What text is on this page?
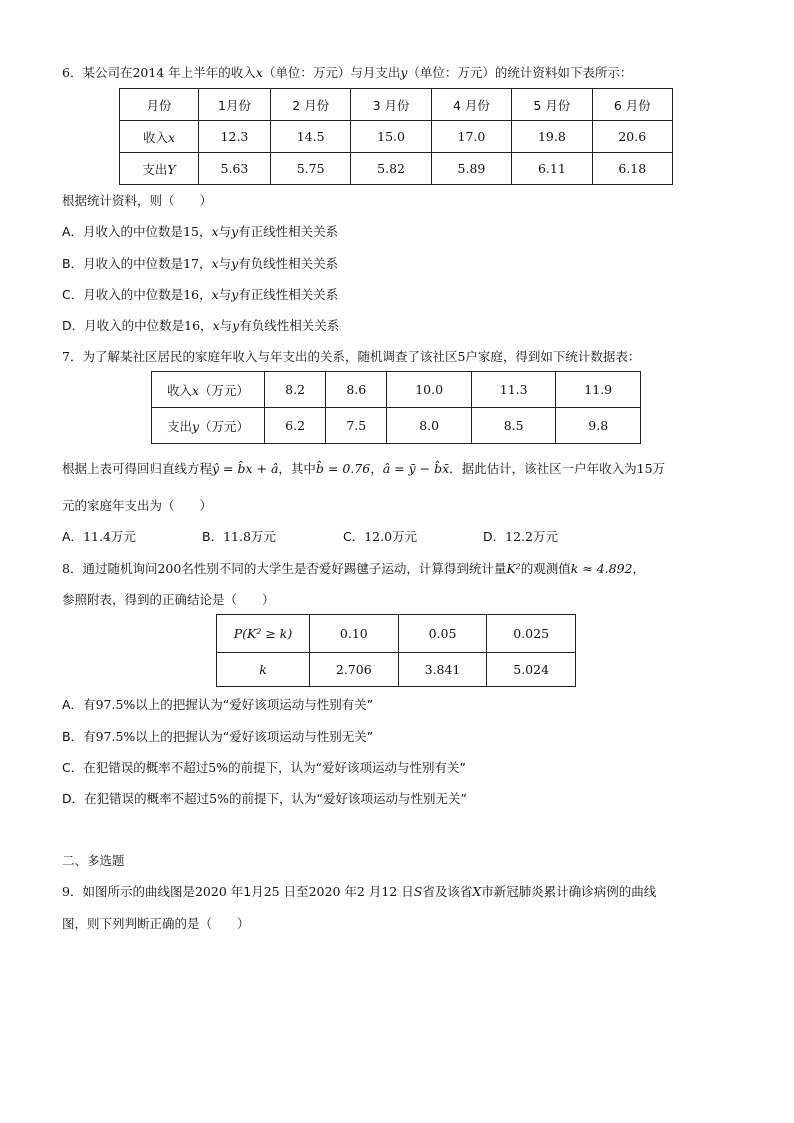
6．某公司在2014 年上半年的收入x（单位：万元）与月支出y（单位：万元）的统计资料如下表所示：
月份	1月份	2 月份	3 月份	4 月份	5 月份	6 月份
收入x	12.3	14.5	15.0	17.0	19.8	20.6
支出Y	5.63	5.75	5.82	5.89	6.11	6.18
根据统计资料，则（　　）
A．月收入的中位数是15，x与y有正线性相关关系
B．月收入的中位数是17，x与y有负线性相关关系
C．月收入的中位数是16，x与y有正线性相关关系
D．月收入的中位数是16，x与y有负线性相关关系
7．为了解某社区居民的家庭年收入与年支出的关系，随机调查了该社区5户家庭，得到如下统计数据表：
收入x（万元）	8.2	8.6	10.0	11.3	11.9
支出y（万元）	6.2	7.5	8.0	8.5	9.8
根据上表可得回归直线方程ŷ = b̂x + â，其中b̂ = 0.76，â = ȳ − b̂x̄．据此估计，该社区一户年收入为15万
元的家庭年支出为（　　）
A．11.4万元	B．11.8万元	C．12.0万元	D．12.2万元
8．通过随机询问200名性别不同的大学生是否爱好踢毽子运动，计算得到统计量K²的观测值k ≈ 4.892，
参照附表，得到的正确结论是（　　）
P(K² ≥ k)	0.10	0.05	0.025
k	2.706	3.841	5.024
A．有97.5%以上的把握认为“爱好该项运动与性别有关”
B．有97.5%以上的把握认为“爱好该项运动与性别无关”
C．在犯错误的概率不超过5%的前提下，认为“爱好该项运动与性别有关”
D．在犯错误的概率不超过5%的前提下，认为“爱好该项运动与性别无关”
二、多选题
9．如图所示的曲线图是2020 年1月25 日至2020 年2 月12 日S省及该省X市新冠肺炎累计确诊病例的曲线
图，则下列判断正确的是（　　）
